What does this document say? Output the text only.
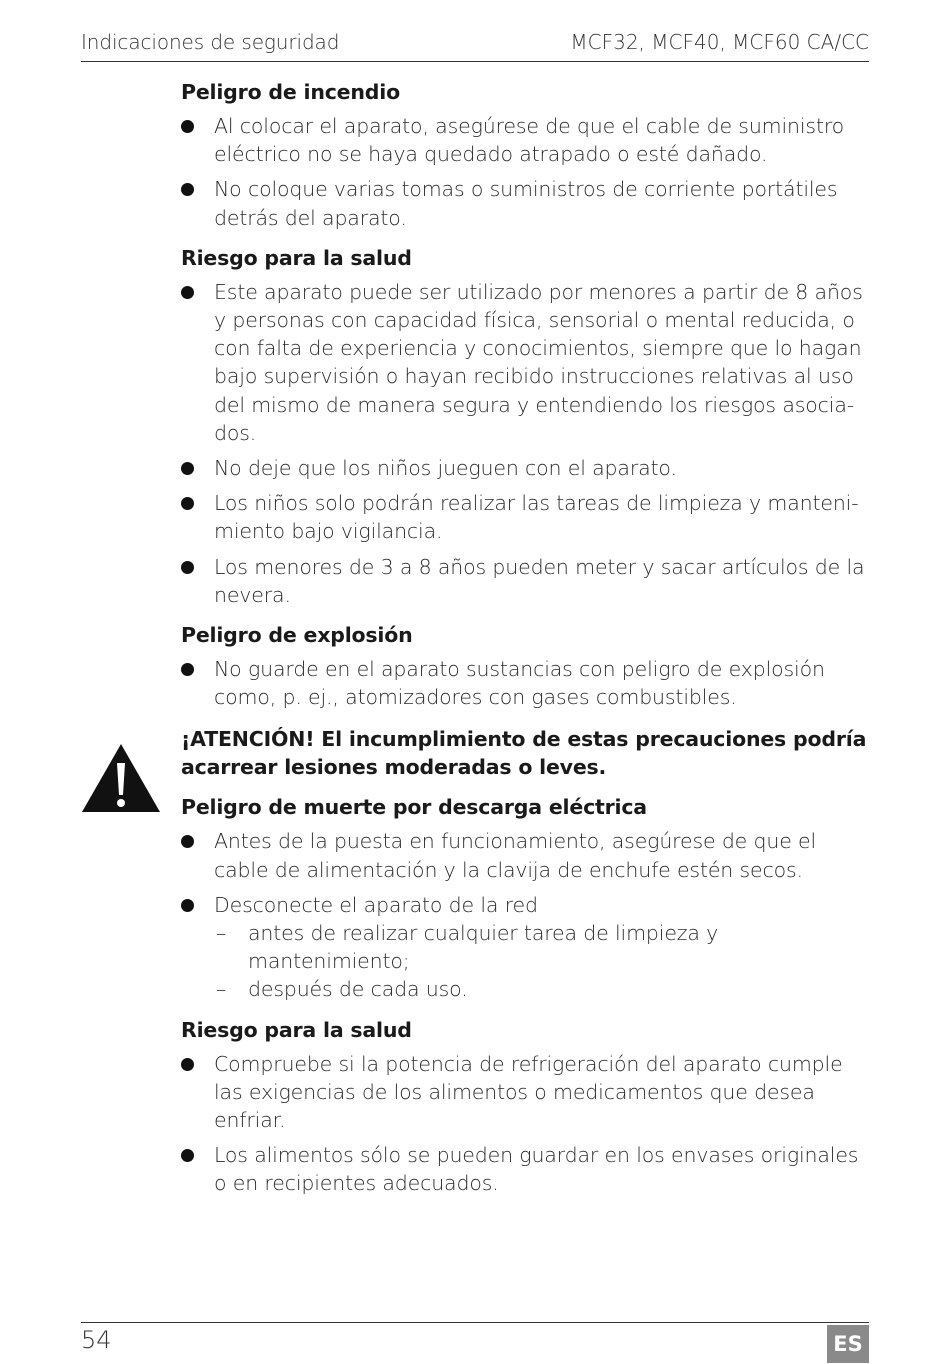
Indicaciones de seguridad	MCF32, MCF40, MCF60 CA/CC
Peligro de incendio
Al colocar el aparato, asegúrese de que el cable de suministro eléctrico no se haya quedado atrapado o esté dañado.
No coloque varias tomas o suministros de corriente portátiles detrás del aparato.
Riesgo para la salud
Este aparato puede ser utilizado por menores a partir de 8 años y personas con capacidad física, sensorial o mental reducida, o con falta de experiencia y conocimientos, siempre que lo hagan bajo supervisión o hayan recibido instrucciones relativas al uso del mismo de manera segura y entendiendo los riesgos asocia-dos.
No deje que los niños jueguen con el aparato.
Los niños solo podrán realizar las tareas de limpieza y manteni-miento bajo vigilancia.
Los menores de 3 a 8 años pueden meter y sacar artículos de la nevera.
Peligro de explosión
No guarde en el aparato sustancias con peligro de explosión como, p. ej., atomizadores con gases combustibles.

¡ATENCIÓN! El incumplimiento de estas precauciones podría acarrear lesiones moderadas o leves.

Peligro de muerte por descarga eléctrica
Antes de la puesta en funcionamiento, asegúrese de que el cable de alimentación y la clavija de enchufe estén secos.
Desconecte el aparato de la red
– antes de realizar cualquier tarea de limpieza y mantenimiento;
– después de cada uso.
Riesgo para la salud
Compruebe si la potencia de refrigeración del aparato cumple las exigencias de los alimentos o medicamentos que desea enfriar.
Los alimentos sólo se pueden guardar en los envases originales o en recipientes adecuados.
54	ES
